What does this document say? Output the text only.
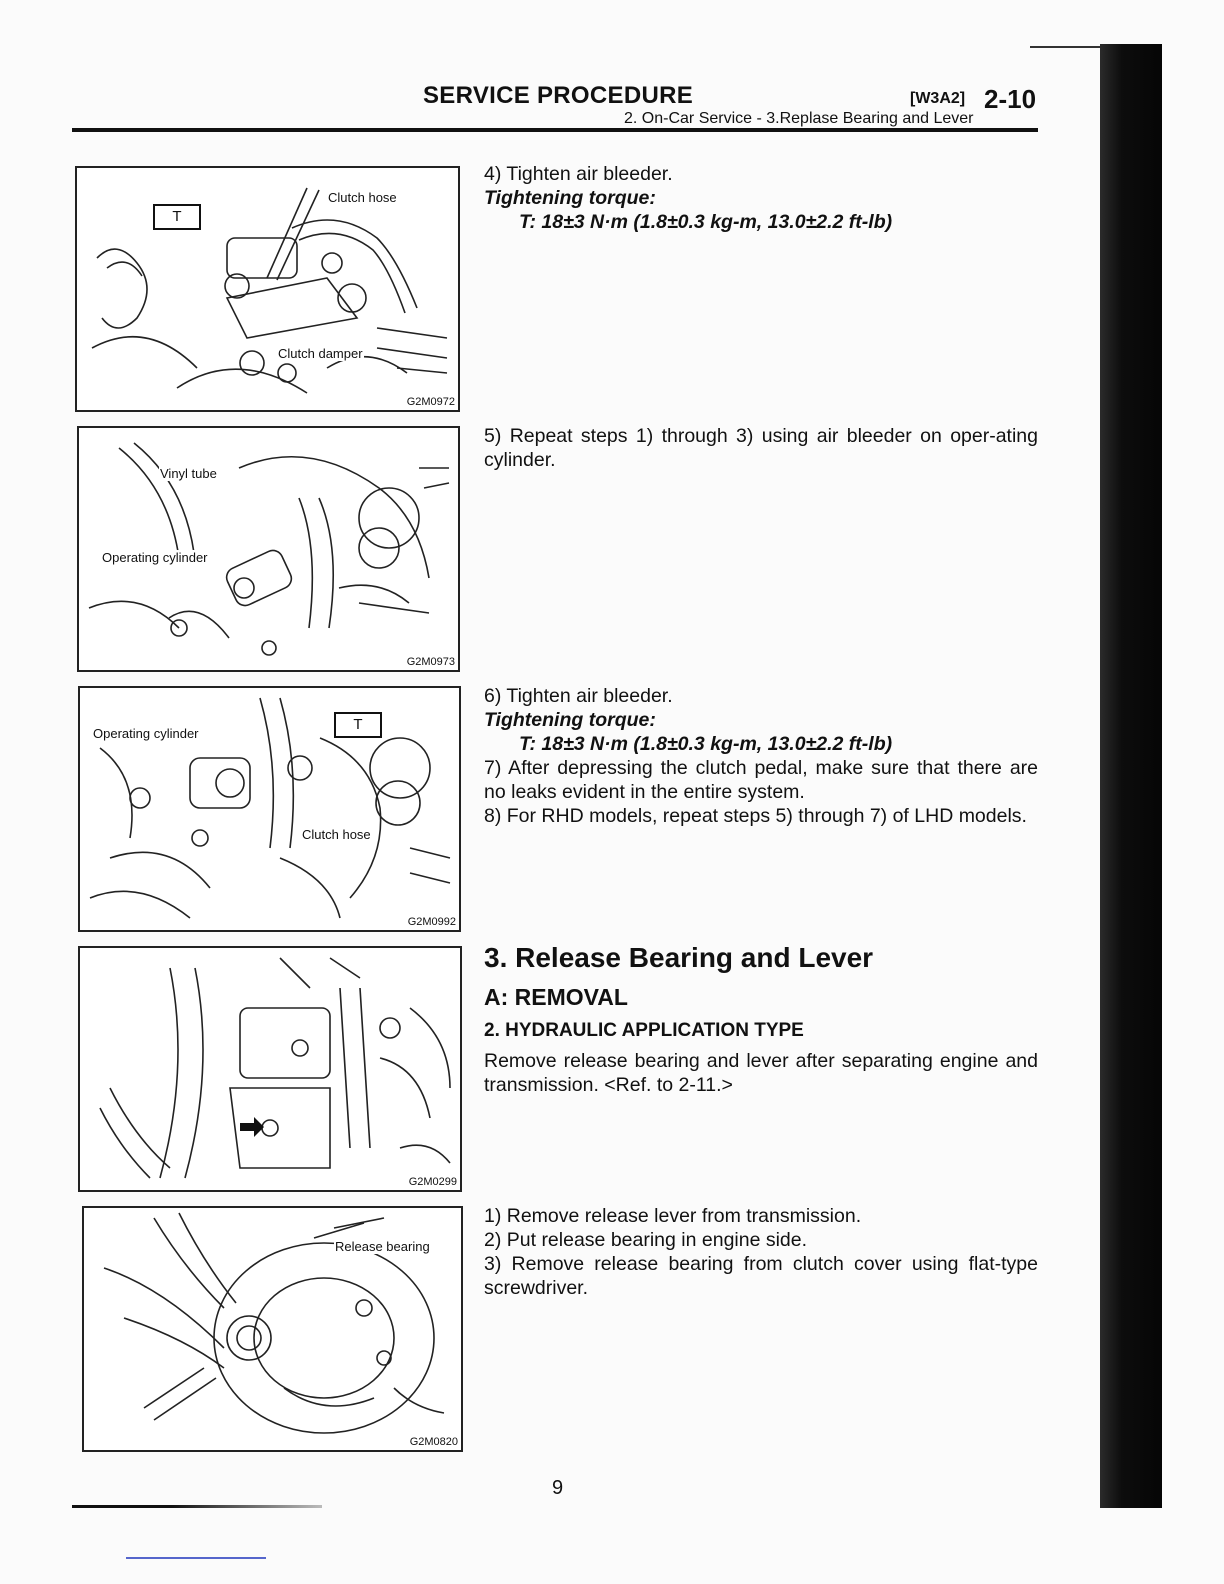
SERVICE PROCEDURE	[W3A2] 2-10
2. On-Car Service - 3.Replase Bearing and Lever
T
Clutch hose
Clutch damper
G2M0972
Vinyl tube
Operating cylinder
G2M0973
Operating cylinder
T
Clutch hose
G2M0992
G2M0299
Release bearing
G2M0820

4) Tighten air bleeder.

Tightening torque:

T: 18±3 N·m (1.8±0.3 kg-m, 13.0±2.2 ft-lb)

5) Repeat steps 1) through 3) using air bleeder on oper-ating cylinder.

6) Tighten air bleeder.

Tightening torque:

T: 18±3 N·m (1.8±0.3 kg-m, 13.0±2.2 ft-lb)

7) After depressing the clutch pedal, make sure that there are no leaks evident in the entire system.

8) For RHD models, repeat steps 5) through 7) of LHD models.

3. Release Bearing and Lever
A: REMOVAL
2. HYDRAULIC APPLICATION TYPE

Remove release bearing and lever after separating engine and transmission. <Ref. to 2-11.>

1) Remove release lever from transmission.

2) Put release bearing in engine side.

3) Remove release bearing from clutch cover using flat-type screwdriver.

9
